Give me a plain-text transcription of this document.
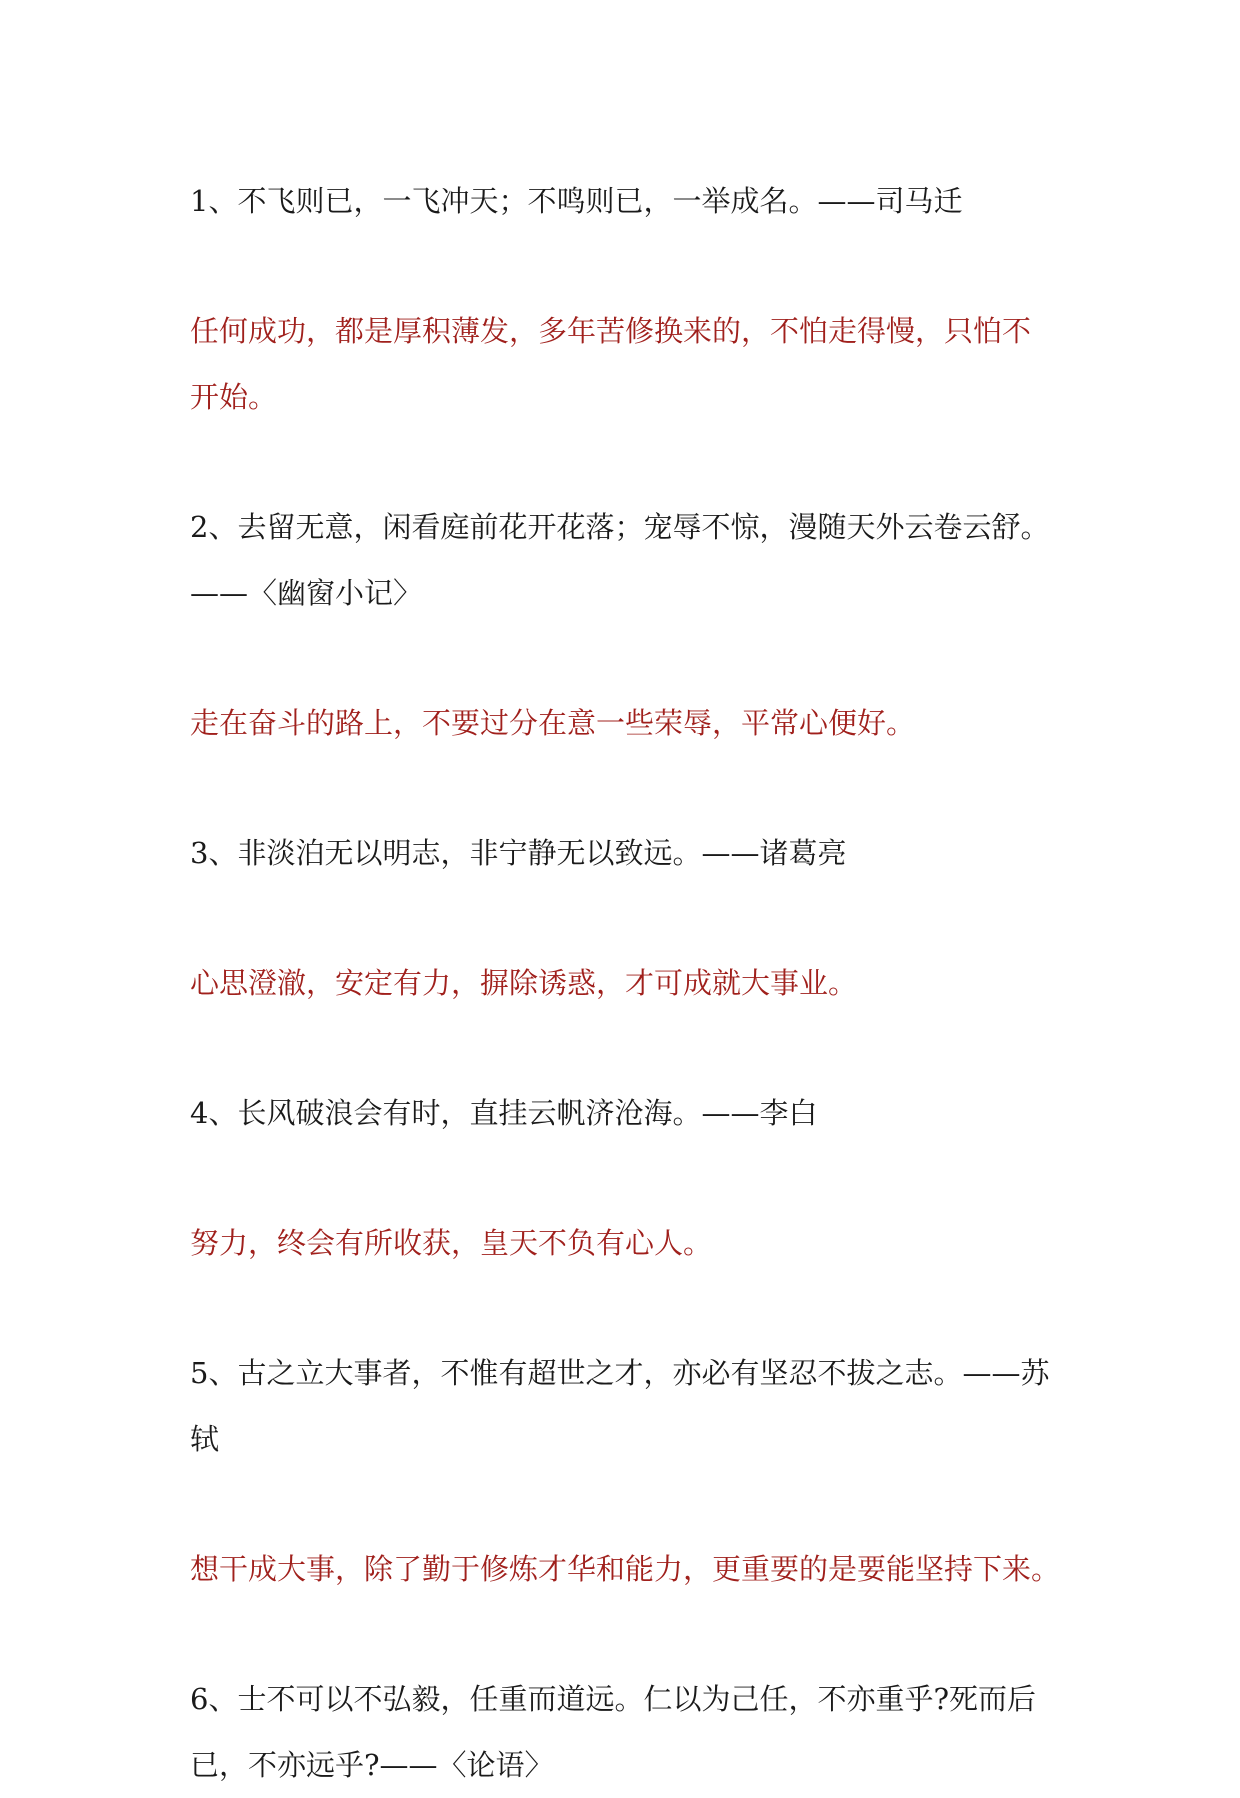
1、不飞则已，一飞冲天；不鸣则已，一举成名。——司马迁

任何成功，都是厚积薄发，多年苦修换来的，不怕走得慢，只怕不

开始。

2、去留无意，闲看庭前花开花落；宠辱不惊，漫随天外云卷云舒。

——〈幽窗小记〉

走在奋斗的路上，不要过分在意一些荣辱，平常心便好。

3、非淡泊无以明志，非宁静无以致远。——诸葛亮

心思澄澈，安定有力，摒除诱惑，才可成就大事业。

4、长风破浪会有时，直挂云帆济沧海。——李白

努力，终会有所收获，皇天不负有心人。

5、古之立大事者，不惟有超世之才，亦必有坚忍不拔之志。——苏

轼

想干成大事，除了勤于修炼才华和能力，更重要的是要能坚持下来。

6、士不可以不弘毅，任重而道远。仁以为己任，不亦重乎?死而后

已，不亦远乎?——〈论语〉
